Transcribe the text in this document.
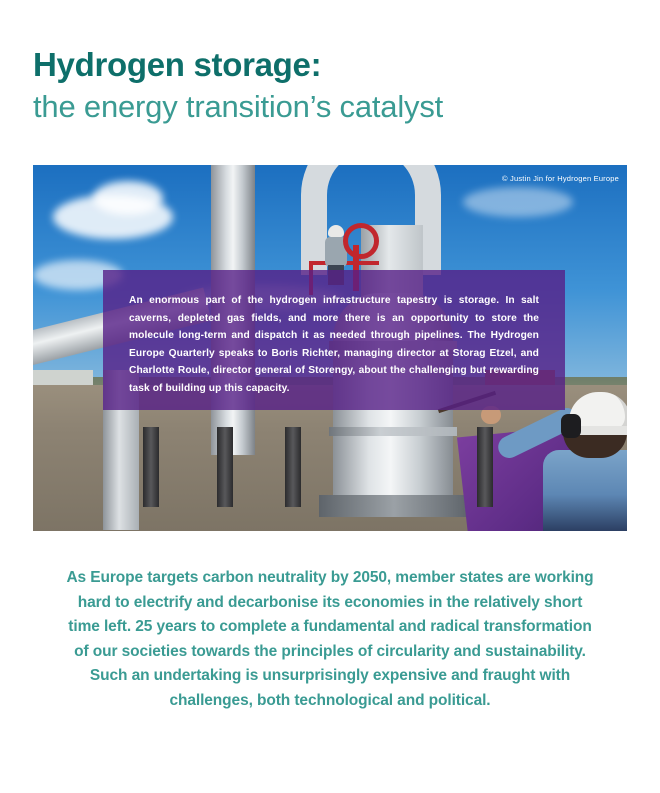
Hydrogen storage:
the energy transition’s catalyst
© Justin Jin for Hydrogen Europe

An enormous part of the hydrogen infrastructure tapestry is storage. In salt caverns, depleted gas fields, and more there is an opportunity to store the molecule long-term and dispatch it as needed through pipelines. The Hydrogen Europe Quarterly speaks to Boris Richter, managing director at Storag Etzel, and Charlotte Roule, director general of Storengy, about the challenging but rewarding task of building up this capacity.

As Europe targets carbon neutrality by 2050, member states are working hard to electrify and decarbonise its economies in the relatively short time left. 25 years to complete a fundamental and radical transformation of our societies towards the principles of circularity and sustainability. Such an undertaking is unsurprisingly expensive and fraught with challenges, both technological and political.
